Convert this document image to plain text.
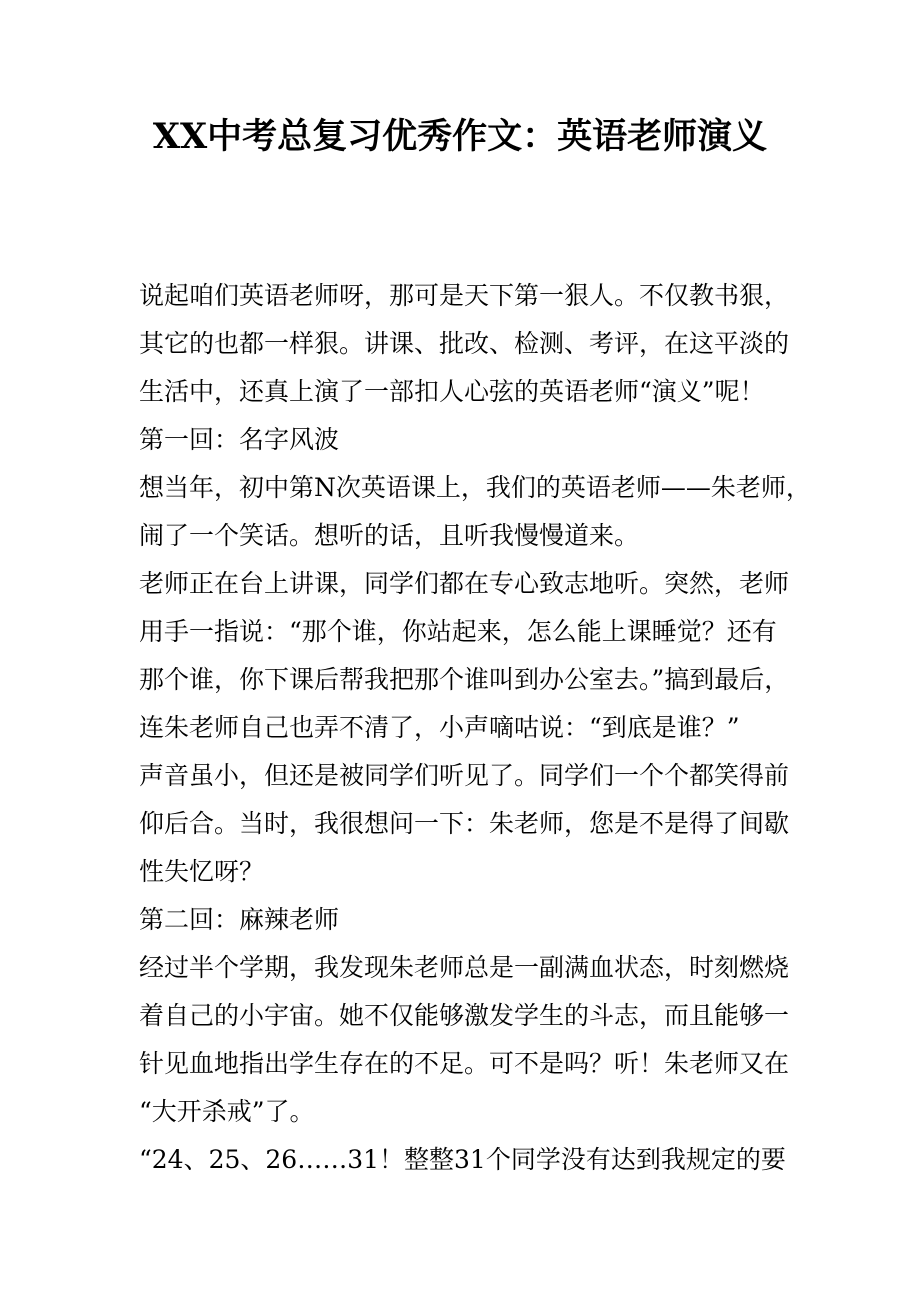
XX中考总复习优秀作文：英语老师演义

说起咱们英语老师呀，那可是天下第一狠人。不仅教书狠，

其它的也都一样狠。讲课、批改、检测、考评，在这平淡的

生活中，还真上演了一部扣人心弦的英语老师“演义”呢！

第一回：名字风波

想当年，初中第N次英语课上，我们的英语老师——朱老师，

闹了一个笑话。想听的话，且听我慢慢道来。

老师正在台上讲课，同学们都在专心致志地听。突然，老师

用手一指说：“那个谁，你站起来，怎么能上课睡觉？还有

那个谁，你下课后帮我把那个谁叫到办公室去。”搞到最后，

连朱老师自己也弄不清了，小声嘀咕说：“到底是谁？”

声音虽小，但还是被同学们听见了。同学们一个个都笑得前

仰后合。当时，我很想问一下：朱老师，您是不是得了间歇

性失忆呀？

第二回：麻辣老师

经过半个学期，我发现朱老师总是一副满血状态，时刻燃烧

着自己的小宇宙。她不仅能够激发学生的斗志，而且能够一

针见血地指出学生存在的不足。可不是吗？听！朱老师又在

“大开杀戒”了。

“24、25、26……31！整整31个同学没有达到我规定的要
